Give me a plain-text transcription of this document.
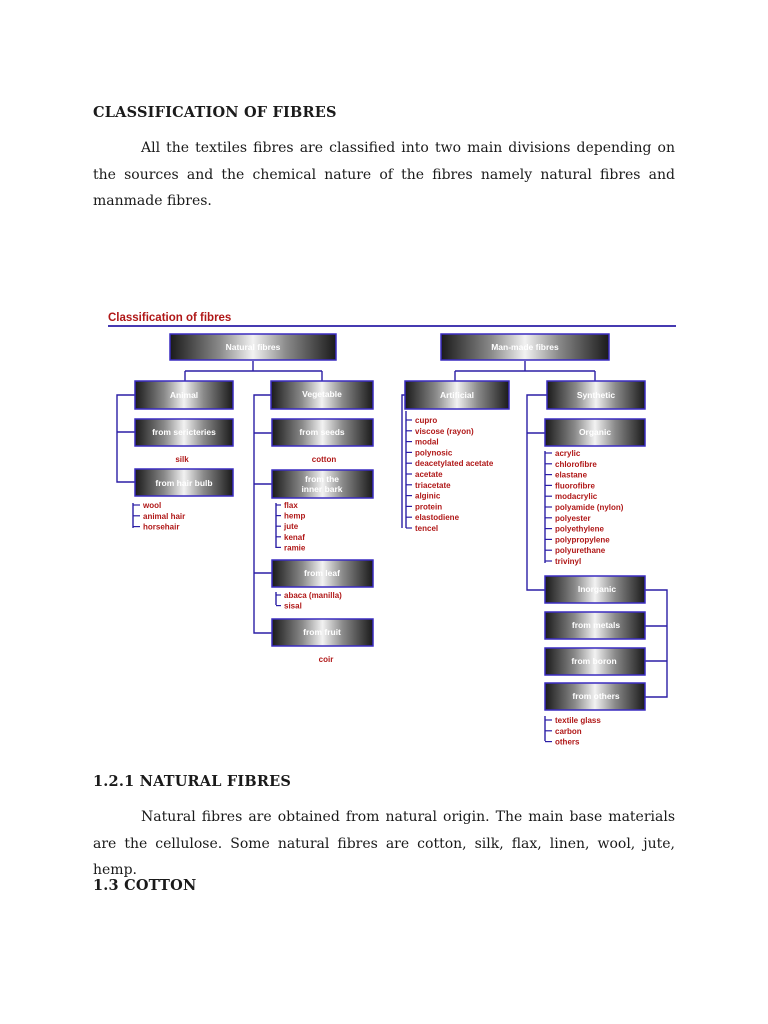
CLASSIFICATION OF FIBRES
All the textiles fibres are classified into two main divisions depending on the sources and the chemical nature of the fibres namely natural fibres and manmade fibres.
Classification of fibres
Natural fibres	Man-made fibres
Animal	Vegetable	Artificial	Synthetic
from sericteries
from hair bulb
from seeds
from the
inner bark
from leaf
from fruit
Organic
Inorganic
from metals
from boron
from others
silk	cotton
coir
wool
animal hair
horsehair
flax
hemp
jute
kenaf
ramie
abaca (manilla)
sisal
cupro
viscose (rayon)
modal
polynosic
deacetylated acetate
acetate
triacetate
alginic
protein
elastodiene
tencel
acrylic
chlorofibre
elastane
fluorofibre
modacrylic
polyamide (nylon)
polyester
polyethylene
polypropylene
polyurethane
trivinyl
textile glass
carbon
others
1.2.1 NATURAL FIBRES
Natural fibres are obtained from natural origin. The main base materials are the cellulose. Some natural fibres are cotton, silk, flax, linen, wool, jute, hemp.
1.3 COTTON
